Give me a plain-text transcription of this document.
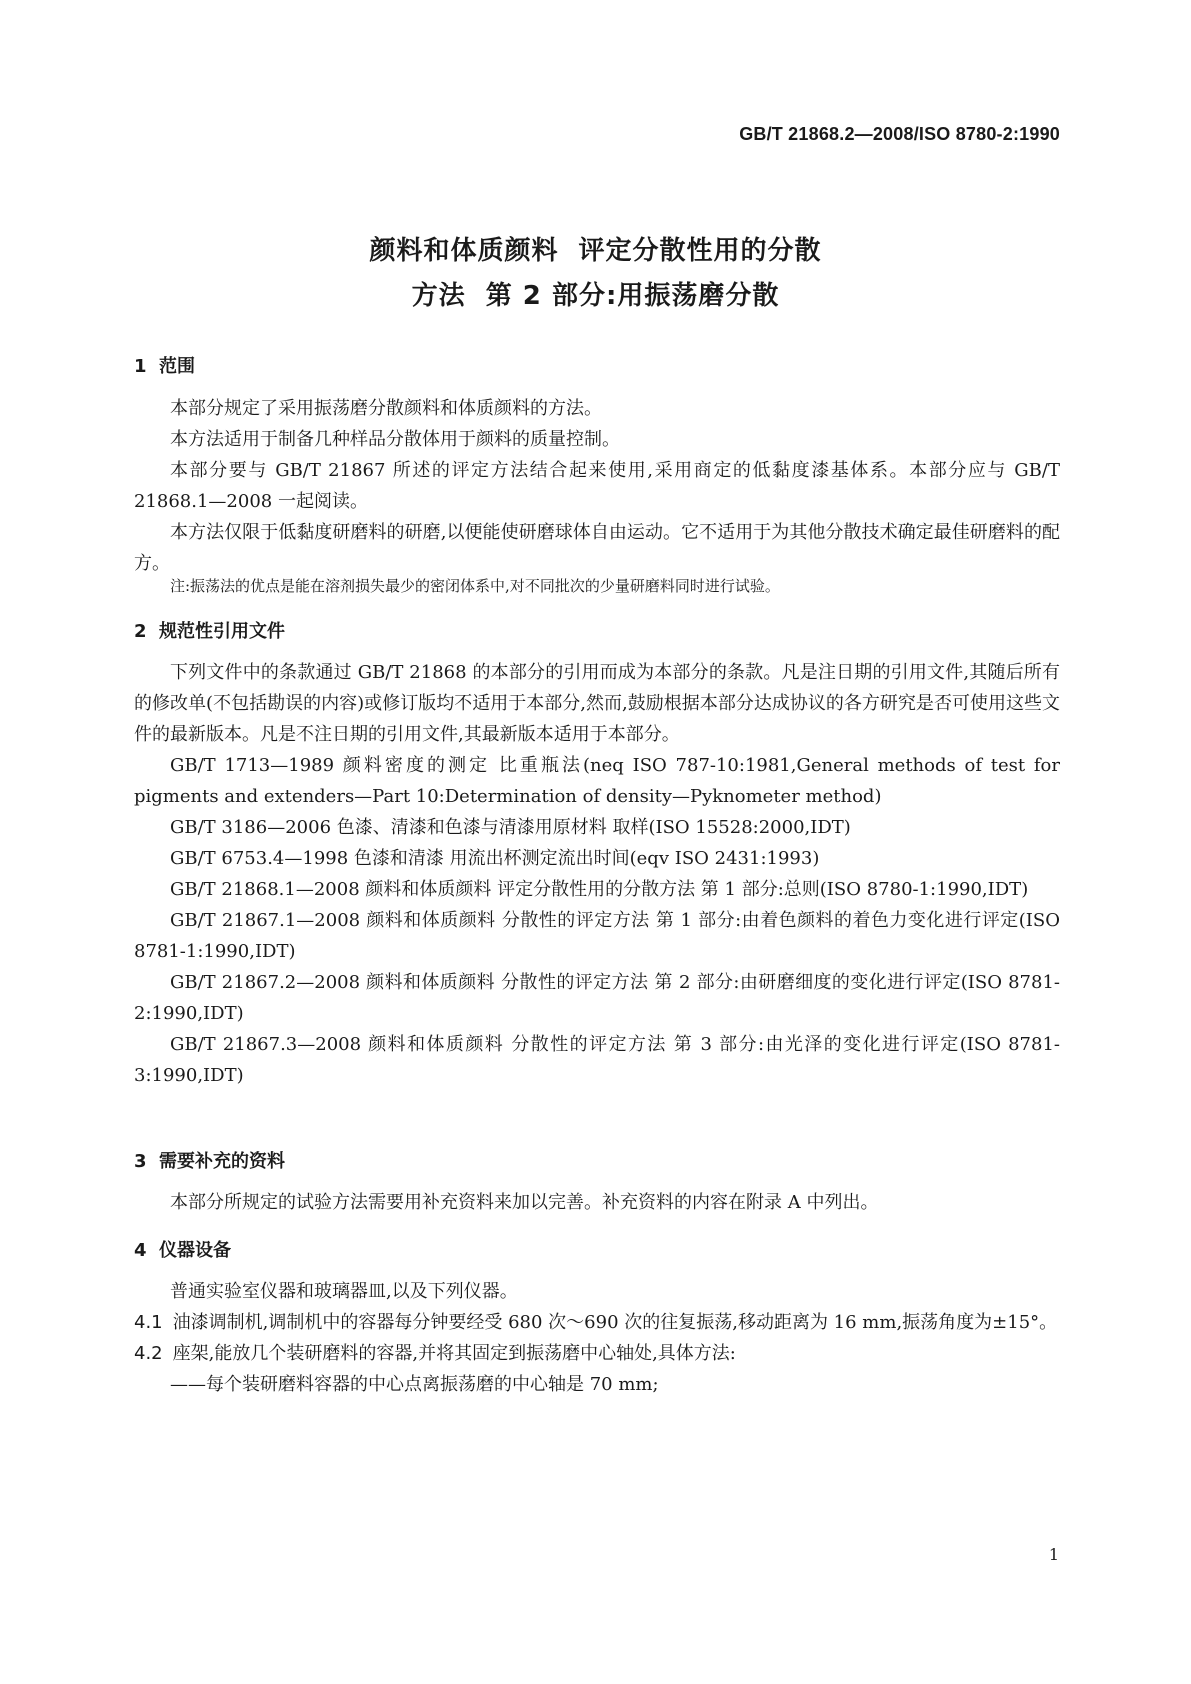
GB/T 21868.2—2008/ISO 8780-2:1990
颜料和体质颜料  评定分散性用的分散
方法  第 2 部分:用振荡磨分散
1  范围

本部分规定了采用振荡磨分散颜料和体质颜料的方法。

本方法适用于制备几种样品分散体用于颜料的质量控制。

本部分要与 GB/T 21867 所述的评定方法结合起来使用,采用商定的低黏度漆基体系。本部分应与 GB/T 21868.1—2008 一起阅读。

本方法仅限于低黏度研磨料的研磨,以便能使研磨球体自由运动。它不适用于为其他分散技术确定最佳研磨料的配方。

注:振荡法的优点是能在溶剂损失最少的密闭体系中,对不同批次的少量研磨料同时进行试验。
2  规范性引用文件

下列文件中的条款通过 GB/T 21868 的本部分的引用而成为本部分的条款。凡是注日期的引用文件,其随后所有的修改单(不包括勘误的内容)或修订版均不适用于本部分,然而,鼓励根据本部分达成协议的各方研究是否可使用这些文件的最新版本。凡是不注日期的引用文件,其最新版本适用于本部分。

GB/T 1713—1989 颜料密度的测定 比重瓶法(neq ISO 787-10:1981,General methods of test for pigments and extenders—Part 10:Determination of density—Pyknometer method)

GB/T 3186—2006 色漆、清漆和色漆与清漆用原材料 取样(ISO 15528:2000,IDT)

GB/T 6753.4—1998 色漆和清漆 用流出杯测定流出时间(eqv ISO 2431:1993)

GB/T 21868.1—2008 颜料和体质颜料 评定分散性用的分散方法 第 1 部分:总则(ISO 8780-1:1990,IDT)

GB/T 21867.1—2008 颜料和体质颜料 分散性的评定方法 第 1 部分:由着色颜料的着色力变化进行评定(ISO 8781-1:1990,IDT)

GB/T 21867.2—2008 颜料和体质颜料 分散性的评定方法 第 2 部分:由研磨细度的变化进行评定(ISO 8781-2:1990,IDT)

GB/T 21867.3—2008 颜料和体质颜料 分散性的评定方法 第 3 部分:由光泽的变化进行评定(ISO 8781-3:1990,IDT)

3  需要补充的资料

本部分所规定的试验方法需要用补充资料来加以完善。补充资料的内容在附录 A 中列出。

4  仪器设备

普通实验室仪器和玻璃器皿,以及下列仪器。

4.1 油漆调制机,调制机中的容器每分钟要经受 680 次～690 次的往复振荡,移动距离为 16 mm,振荡角度为±15°。

4.2 座架,能放几个装研磨料的容器,并将其固定到振荡磨中心轴处,具体方法:

——每个装研磨料容器的中心点离振荡磨的中心轴是 70 mm;

1
